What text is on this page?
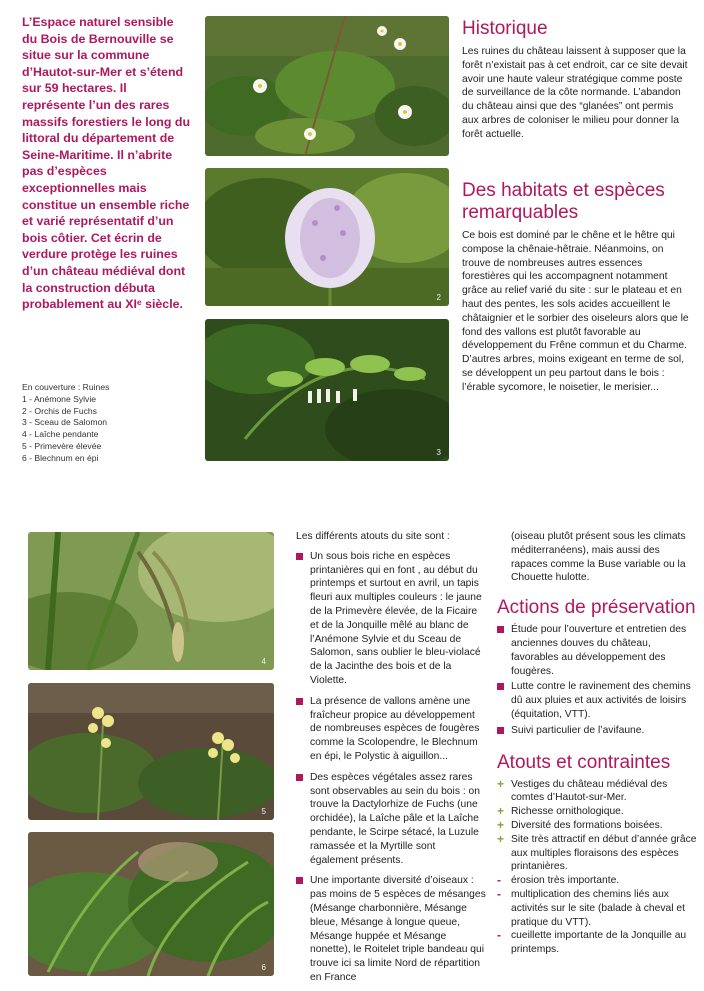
L’Espace naturel sensible du Bois de Bernouville se situe sur la commune d’Hautot-sur-Mer et s’étend sur 59 hectares. Il représente l’un des rares massifs forestiers le long du littoral du département de Seine-Maritime. Il n’abrite pas d’espèces exceptionnelles mais constitue un ensemble riche et varié représentatif d’un bois côtier. Cet écrin de verdure protège les ruines d’un château médiéval dont la construction débuta probablement au XIᵉ siècle.
En couverture : Ruines
1 - Anémone Sylvie
2 - Orchis de Fuchs
3 - Sceau de Salomon
4 - Laîche pendante
5 - Primevère élevée
6 - Blechnum en épi
2
3
Historique

Les ruines du château laissent à supposer que la forêt n’existait pas à cet endroit, car ce site devait avoir une haute valeur stratégique comme poste de surveillance de la côte normande. L’abandon du château ainsi que des “glanées” ont permis aux arbres de coloniser le milieu pour donner la forêt actuelle.

Des habitats et espèces remarquables

Ce bois est dominé par le chêne et le hêtre qui compose la chênaie-hêtraie. Néanmoins, on trouve de nombreuses autres essences forestières qui les accompagnent notamment grâce au relief varié du site : sur le plateau et en haut des pentes, les sols acides accueillent le châtaignier et le sorbier des oiseleurs alors que le fond des vallons est plutôt favorable au développement du Frêne commun et du Charme. D’autres arbres, moins exigeant en terme de sol, se développent un peu partout dans le bois : l’érable sycomore, le noisetier, le merisier...

4
5
6

Les différents atouts du site sont :

Un sous bois riche en espèces printanières qui en font , au début du printemps et surtout en avril, un tapis fleuri aux multiples couleurs : le jaune de la Primevère élevée, de la Ficaire et de la Jonquille mêlé au blanc de l’Anémone Sylvie et du Sceau de Salomon, sans oublier le bleu-violacé de la Jacinthe des bois et de la Violette.
La présence de vallons amène une fraîcheur propice au développement de nombreuses espèces de fougères comme la Scolopendre, le Blechnum en épi, le Polystic à aiguillon...
Des espèces végétales assez rares sont observables au sein du bois : on trouve la Dactylorhize de Fuchs (une orchidée), la Laîche pâle et la Laîche pendante, le Scirpe sétacé, la Luzule ramassée et la Myrtille sont également présents.
Une importante diversité d’oiseaux : pas moins de 5 espèces de mésanges (Mésange charbonnière, Mésange bleue, Mésange à longue queue, Mésange huppée et Mésange nonette), le Roitelet triple bandeau qui trouve ici sa limite Nord de répartition en France

(oiseau plutôt présent sous les climats méditerranéens), mais aussi des rapaces comme la Buse variable ou la Chouette hulotte.

Actions de préservation
Étude pour l’ouverture et entretien des anciennes douves du château, favorables au développement des fougères.
Lutte contre le ravinement des chemins dû aux pluies et aux activités de loisirs (équitation, VTT).
Suivi particulier de l’avifaune.
Atouts et contraintes
+ Vestiges du château médiéval des comtes d’Hautot-sur-Mer.
+ Richesse ornithologique.
+ Diversité des formations boisées.
+ Site très attractif en début d’année grâce aux multiples floraisons des espèces printanières.
- érosion très importante.
- multiplication des chemins liés aux activités sur le site (balade à cheval et pratique du VTT).
- cueillette importante de la Jonquille au printemps.
